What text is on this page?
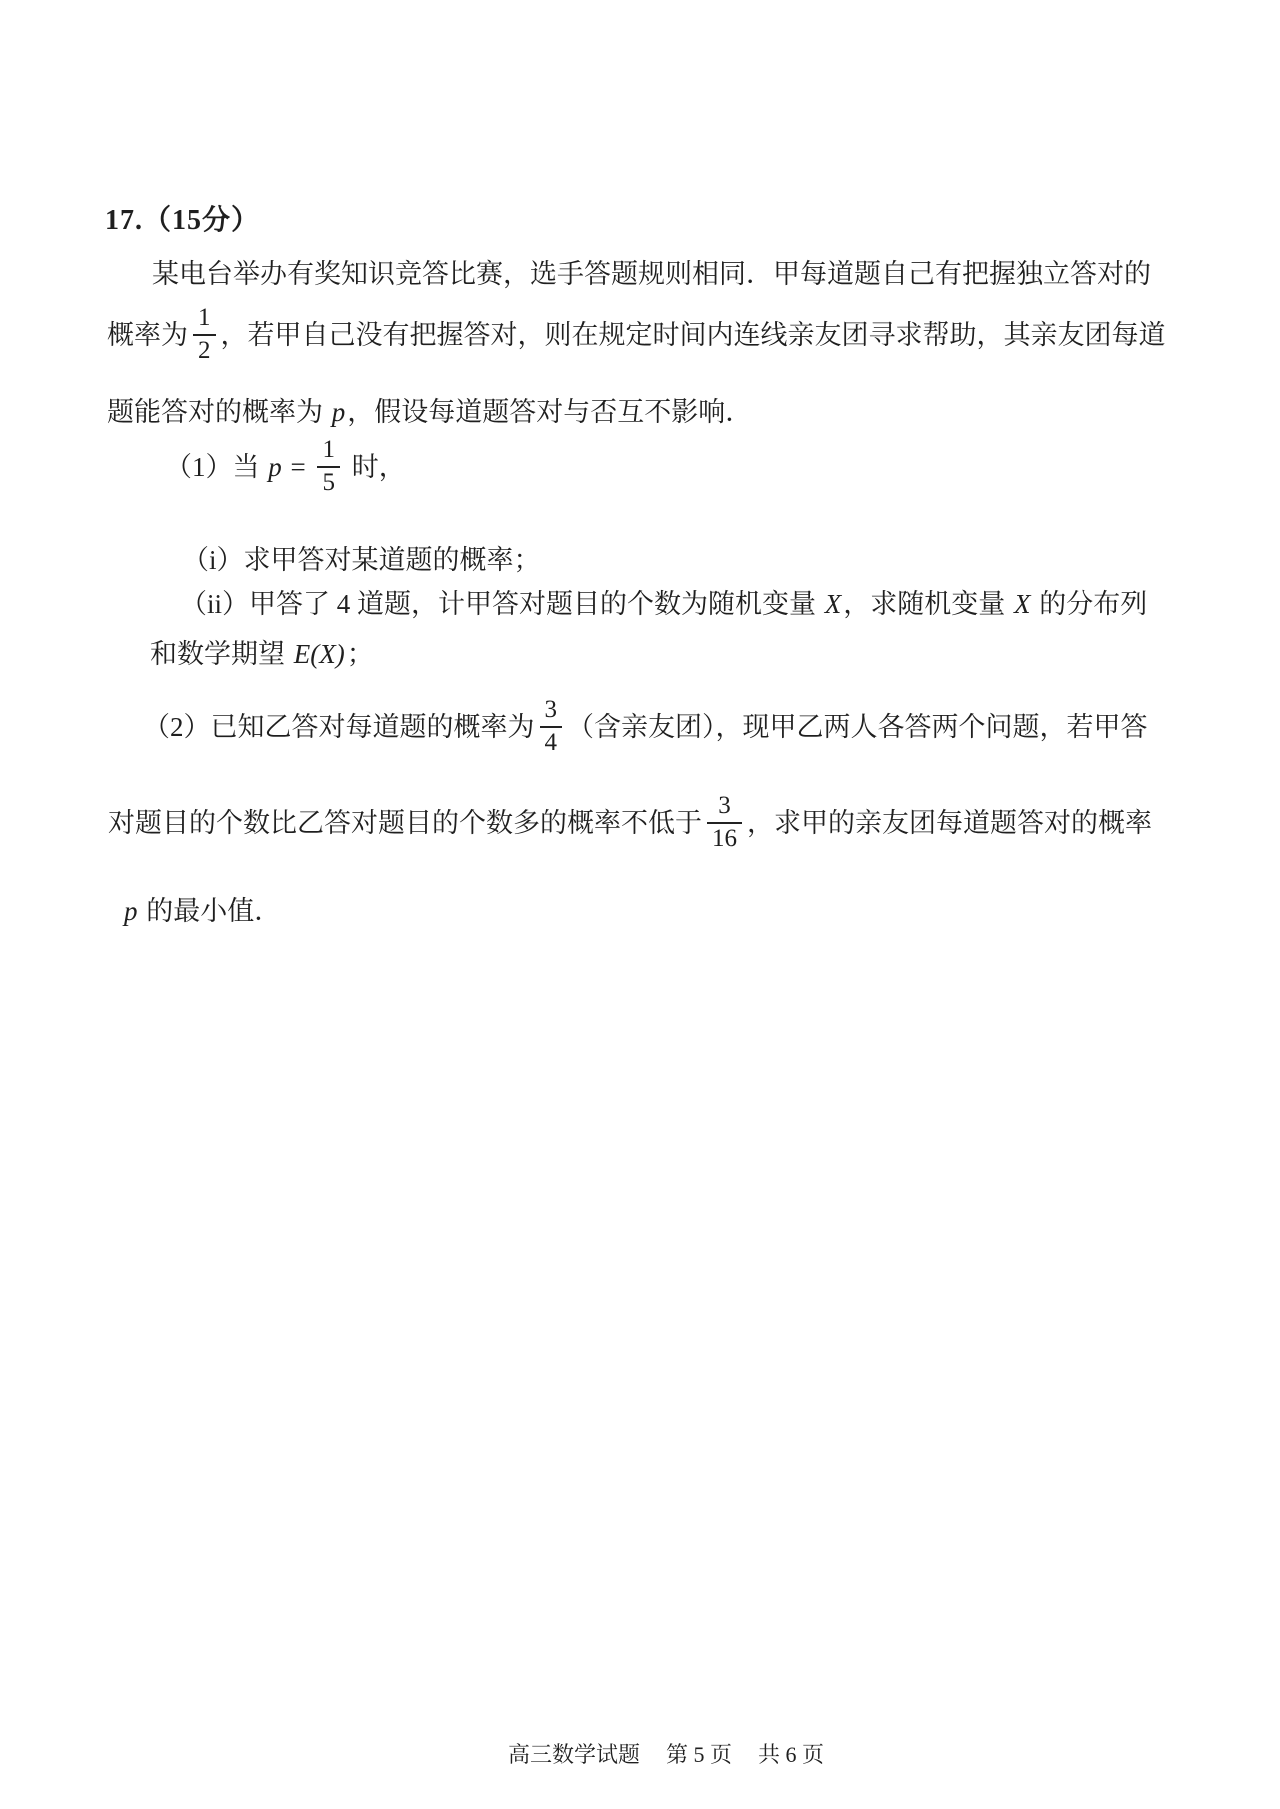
17.（15分）
某电台举办有奖知识竞答比赛，选手答题规则相同．甲每道题自己有把握独立答对的
概率为 $\frac{1}{2}$ ，若甲自己没有把握答对，则在规定时间内连线亲友团寻求帮助，其亲友团每道
题能答对的概率为 p ，假设每道题答对与否互不影响．
（1）当 $p = \frac{1}{5}$ 时，
（i）求甲答对某道题的概率；
（ii）甲答了 4 道题，计甲答对题目的个数为随机变量 X ，求随机变量 X 的分布列
和数学期望 E(X) ；
（2）已知乙答对每道题的概率为 $\frac{3}{4}$ （含亲友团），现甲乙两人各答两个问题，若甲答
对题目的个数比乙答对题目的个数多的概率不低于 $\frac{3}{16}$ ，求甲的亲友团每道题答对的概率
p 的最小值．

高三数学试题 第 5 页 共 6 页
